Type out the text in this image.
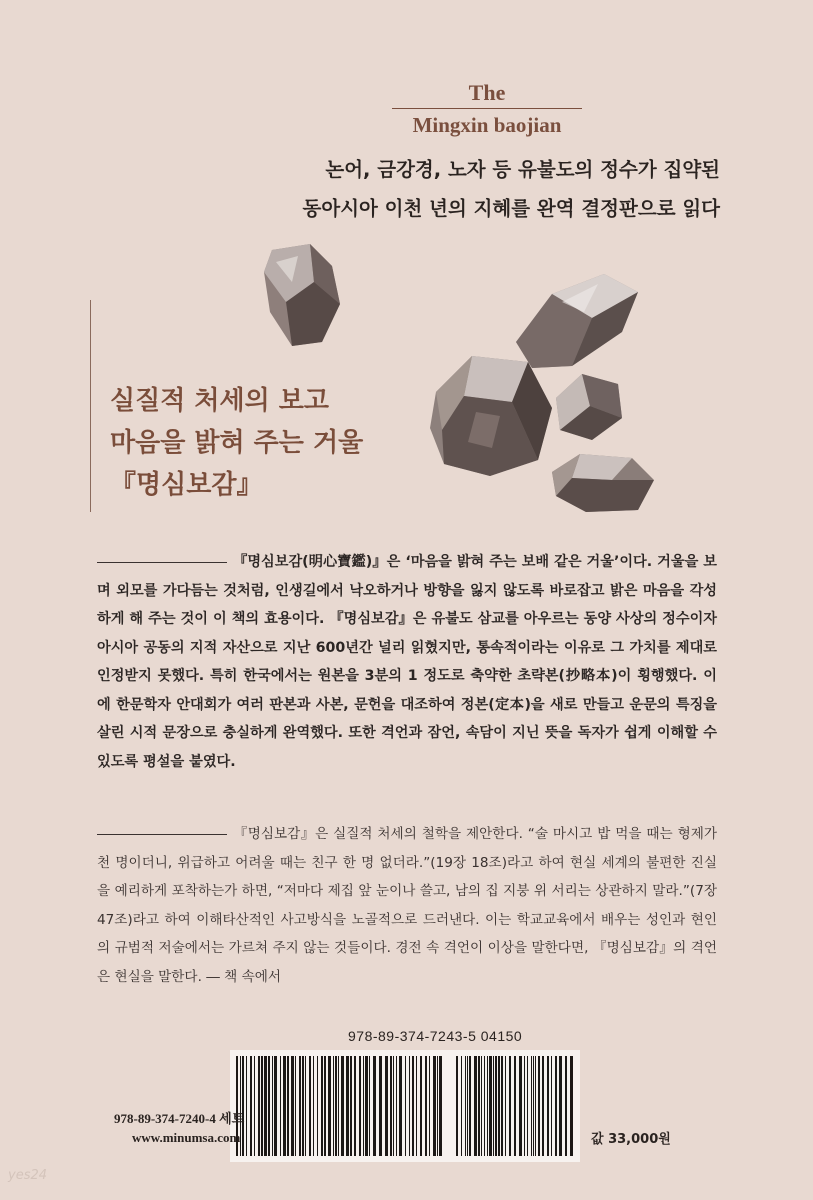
The
Mingxin baojian
논어, 금강경, 노자 등 유불도의 정수가 집약된
동아시아 이천 년의 지혜를 완역 결정판으로 읽다
실질적 처세의 보고
마음을 밝혀 주는 거울
『명심보감』
『명심보감(明心寶鑑)』은 ‘마음을 밝혀 주는 보배 같은 거울’이다. 거울을 보며 외모를 가다듬는 것처럼, 인생길에서 낙오하거나 방향을 잃지 않도록 바로잡고 밝은 마음을 각성하게 해 주는 것이 이 책의 효용이다. 『명심보감』은 유불도 삼교를 아우르는 동양 사상의 정수이자 아시아 공동의 지적 자산으로 지난 600년간 널리 읽혔지만, 통속적이라는 이유로 그 가치를 제대로 인정받지 못했다. 특히 한국에서는 원본을 3분의 1 정도로 축약한 초략본(抄略本)이 횡행했다. 이에 한문학자 안대회가 여러 판본과 사본, 문헌을 대조하여 정본(定本)을 새로 만들고 운문의 특징을 살린 시적 문장으로 충실하게 완역했다. 또한 격언과 잠언, 속담이 지닌 뜻을 독자가 쉽게 이해할 수 있도록 평설을 붙였다.
『명심보감』은 실질적 처세의 철학을 제안한다. “술 마시고 밥 먹을 때는 형제가 천 명이더니, 위급하고 어려울 때는 친구 한 명 없더라.”(19장 18조)라고 하여 현실 세계의 불편한 진실을 예리하게 포착하는가 하면, “저마다 제집 앞 눈이나 쓸고, 남의 집 지붕 위 서리는 상관하지 말라.”(7장 47조)라고 하여 이해타산적인 사고방식을 노골적으로 드러낸다. 이는 학교교육에서 배우는 성인과 현인의 규범적 저술에서는 가르쳐 주지 않는 것들이다. 경전 속 격언이 이상을 말한다면, 『명심보감』의 격언은 현실을 말한다. ― 책 속에서
978-89-374-7243-5 04150
978-89-374-7240-4 세트
www.minumsa.com	값 33,000원
yes24
